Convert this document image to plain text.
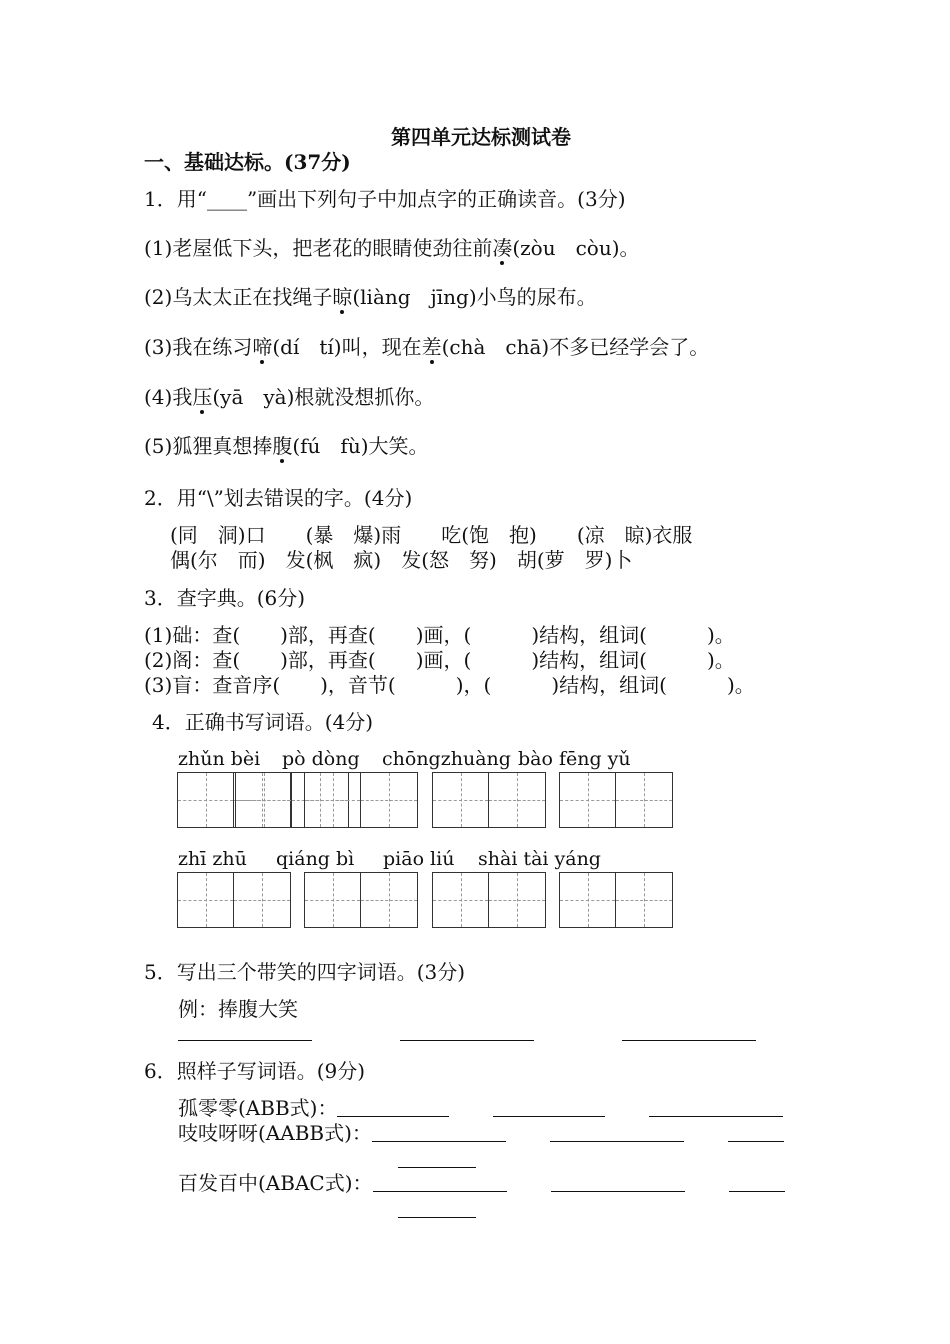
第四单元达标测试卷
一、基础达标。(37分)
1．用“____”画出下列句子中加点字的正确读音。(3分)
(1)老屋低下头，把老花的眼睛使劲往前凑(zòu　còu)。
(2)乌太太正在找绳子晾(liàng　jīng)小鸟的尿布。
(3)我在练习啼(dí　tí)叫，现在差(chà　chā)不多已经学会了。
(4)我压(yā　yà)根就没想抓你。
(5)狐狸真想捧腹(fú　fù)大笑。
2．用“\”划去错误的字。(4分)
(同　洞)口　　(暴　爆)雨　　吃(饱　抱)　　(凉　晾)衣服
偶(尔　而)　发(枫　疯)　发(怒　努)　胡(萝　罗)卜
3．查字典。(6分)
(1)础：查(　　)部，再查(　　)画，(　　　)结构，组词(　　　)。
(2)阁：查(　　)部，再查(　　)画，(　　　)结构，组词(　　　)。
(3)盲：查音序(　　)，音节(　　　)，(　　　)结构，组词(　　　)。
4．正确书写词语。(4分)
zhǔn bèi pò dòng chōngzhuàng bào fēng yǔ
zhī zhū qiáng bì piāo liú shài tài yáng
5．写出三个带笑的四字词语。(3分)
例：捧腹大笑
6．照样子写词语。(9分)
孤零零(ABB式)：
吱吱呀呀(AABB式)：
百发百中(ABAC式)：
